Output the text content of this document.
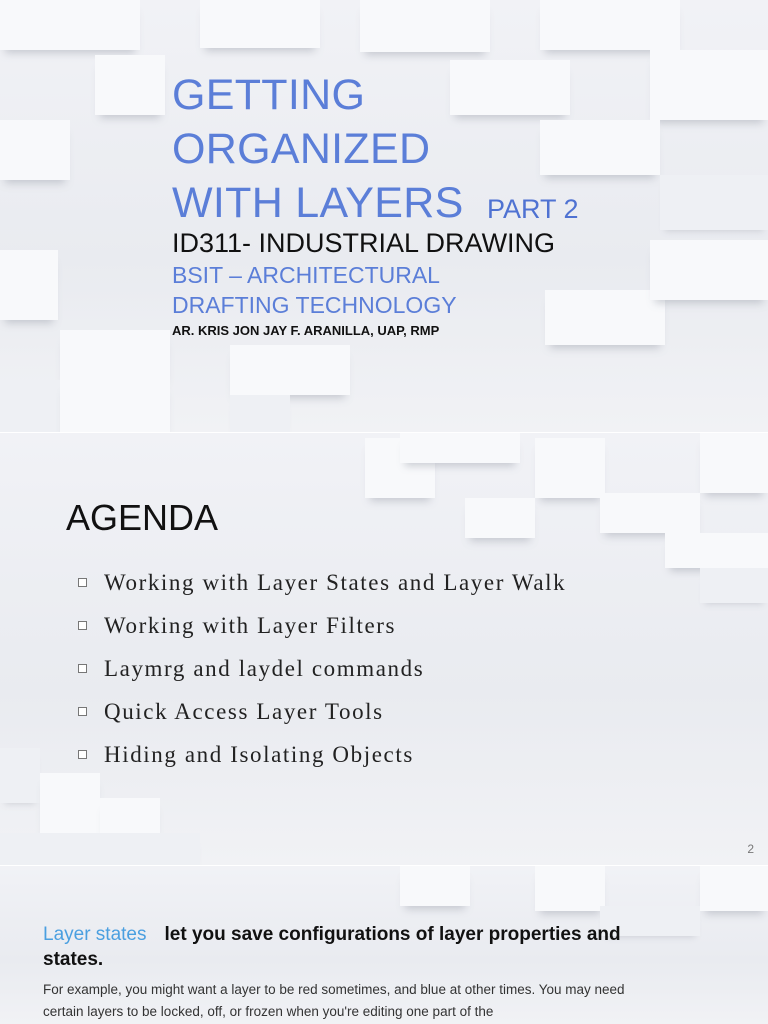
GETTING
ORGANIZED
WITH LAYERS PART 2
ID311- INDUSTRIAL DRAWING
BSIT – ARCHITECTURAL
DRAFTING TECHNOLOGY
AR. KRIS JON JAY F. ARANILLA, UAP, RMP
AGENDA
Working with Layer States and Layer Walk
Working with Layer Filters
Laymrg and laydel commands
Quick Access Layer Tools
Hiding and Isolating Objects
2
Layer states let you save configurations of layer properties and states.
For example, you might want a layer to be red sometimes, and blue at other times. You may need certain layers to be locked, off, or frozen when you're editing one part of the
